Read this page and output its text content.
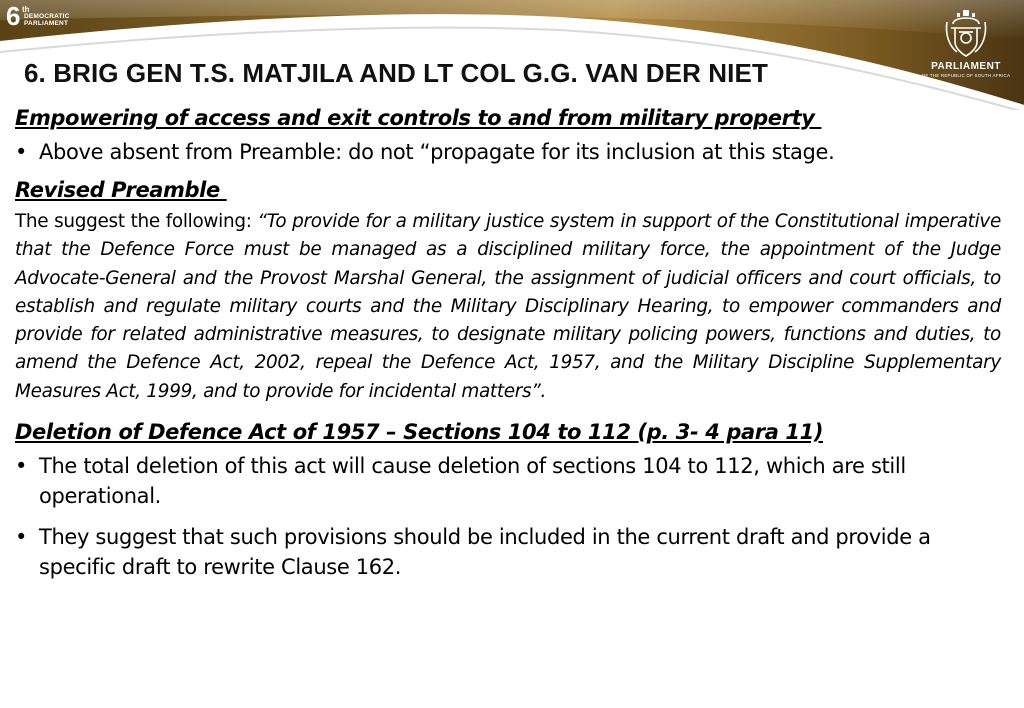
6 th
DEMOCRATIC
PARLIAMENT
PARLIAMENT
OF THE REPUBLIC OF SOUTH AFRICA
6. BRIG GEN T.S. MATJILA AND LT COL G.G. VAN DER NIET
Empowering of access and exit controls to and from military property
• Above absent from Preamble: do not “propagate for its inclusion at this stage.
Revised Preamble
The suggest the following: “To provide for a military justice system in support of the Constitutional imperative that the Defence Force must be managed as a disciplined military force, the appointment of the Judge Advocate-General and the Provost Marshal General, the assignment of judicial officers and court officials, to establish and regulate military courts and the Military Disciplinary Hearing, to empower commanders and provide for related administrative measures, to designate military policing powers, functions and duties, to amend the Defence Act, 2002, repeal the Defence Act, 1957, and the Military Discipline Supplementary Measures Act, 1999, and to provide for incidental matters”.
Deletion of Defence Act of 1957 – Sections 104 to 112 (p. 3- 4 para 11)
• The total deletion of this act will cause deletion of sections 104 to 112, which are still operational.
• They suggest that such provisions should be included in the current draft and provide a specific draft to rewrite Clause 162.
